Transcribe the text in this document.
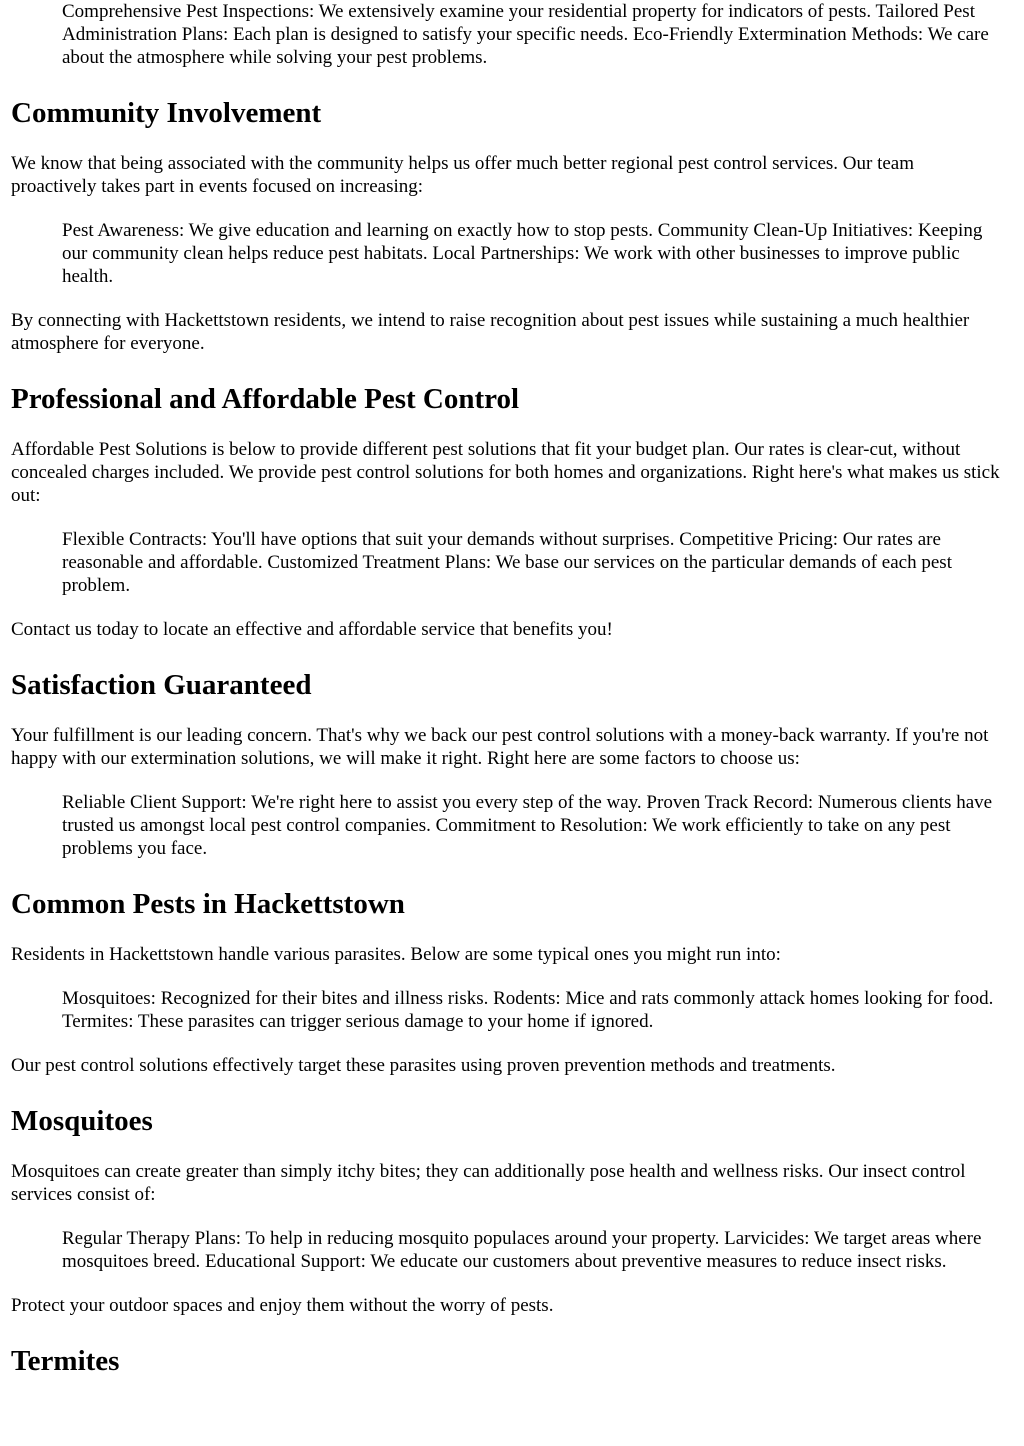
Comprehensive Pest Inspections: We extensively examine your residential property for indicators of pests. Tailored Pest Administration Plans: Each plan is designed to satisfy your specific needs. Eco-Friendly Extermination Methods: We care about the atmosphere while solving your pest problems.
Community Involvement

We know that being associated with the community helps us offer much better regional pest control services. Our team proactively takes part in events focused on increasing:

Pest Awareness: We give education and learning on exactly how to stop pests. Community Clean-Up Initiatives: Keeping our community clean helps reduce pest habitats. Local Partnerships: We work with other businesses to improve public health.

By connecting with Hackettstown residents, we intend to raise recognition about pest issues while sustaining a much healthier atmosphere for everyone.

Professional and Affordable Pest Control

Affordable Pest Solutions is below to provide different pest solutions that fit your budget plan. Our rates is clear-cut, without concealed charges included. We provide pest control solutions for both homes and organizations. Right here's what makes us stick out:

Flexible Contracts: You'll have options that suit your demands without surprises. Competitive Pricing: Our rates are reasonable and affordable. Customized Treatment Plans: We base our services on the particular demands of each pest problem.

Contact us today to locate an effective and affordable service that benefits you!

Satisfaction Guaranteed

Your fulfillment is our leading concern. That's why we back our pest control solutions with a money-back warranty. If you're not happy with our extermination solutions, we will make it right. Right here are some factors to choose us:

Reliable Client Support: We're right here to assist you every step of the way. Proven Track Record: Numerous clients have trusted us amongst local pest control companies. Commitment to Resolution: We work efficiently to take on any pest problems you face.
Common Pests in Hackettstown

Residents in Hackettstown handle various parasites. Below are some typical ones you might run into:

Mosquitoes: Recognized for their bites and illness risks. Rodents: Mice and rats commonly attack homes looking for food. Termites: These parasites can trigger serious damage to your home if ignored.

Our pest control solutions effectively target these parasites using proven prevention methods and treatments.

Mosquitoes

Mosquitoes can create greater than simply itchy bites; they can additionally pose health and wellness risks. Our insect control services consist of:

Regular Therapy Plans: To help in reducing mosquito populaces around your property. Larvicides: We target areas where mosquitoes breed. Educational Support: We educate our customers about preventive measures to reduce insect risks.

Protect your outdoor spaces and enjoy them without the worry of pests.

Termites
